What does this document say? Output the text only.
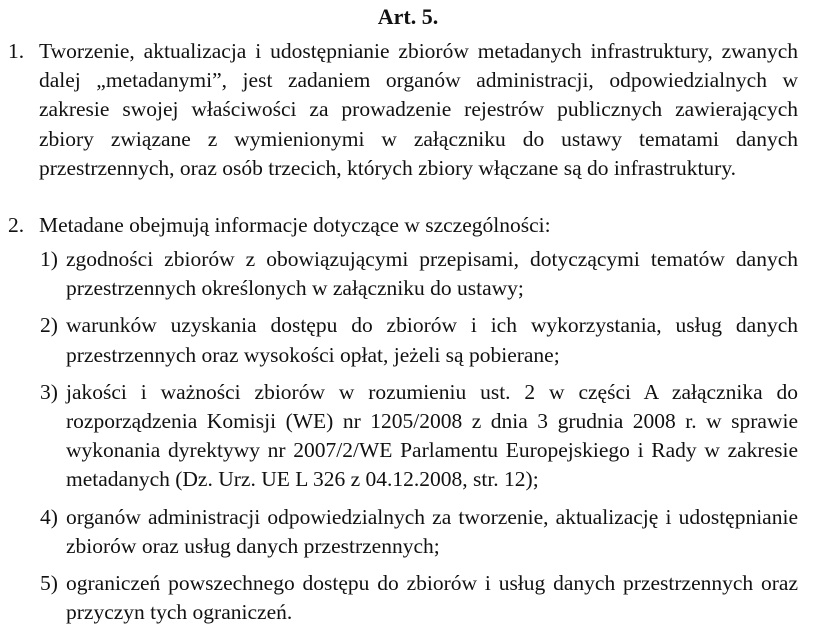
Art. 5.
1. Tworzenie, aktualizacja i udostępnianie zbiorów metadanych infrastruktury, zwanych dalej „metadanymi”, jest zadaniem organów administracji, odpowiedzialnych w zakresie swojej właściwości za prowadzenie rejestrów publicznych zawierających zbiory związane z wymienionymi w załączniku do ustawy tematami danych przestrzennych, oraz osób trzecich, których zbiory włączane są do infrastruktury.
2. Metadane obejmują informacje dotyczące w szczególności:
1) zgodności zbiorów z obowiązującymi przepisami, dotyczącymi tematów danych przestrzennych określonych w załączniku do ustawy;
2) warunków uzyskania dostępu do zbiorów i ich wykorzystania, usług danych przestrzennych oraz wysokości opłat, jeżeli są pobierane;
3) jakości i ważności zbiorów w rozumieniu ust. 2 w części A załącznika do rozporządzenia Komisji (WE) nr 1205/2008 z dnia 3 grudnia 2008 r. w sprawie wykonania dyrektywy nr 2007/2/WE Parlamentu Europejskiego i Rady w zakresie metadanych (Dz. Urz. UE L 326 z 04.12.2008, str. 12);
4) organów administracji odpowiedzialnych za tworzenie, aktualizację i udostępnianie zbiorów oraz usług danych przestrzennych;
5) ograniczeń powszechnego dostępu do zbiorów i usług danych przestrzennych oraz przyczyn tych ograniczeń.
